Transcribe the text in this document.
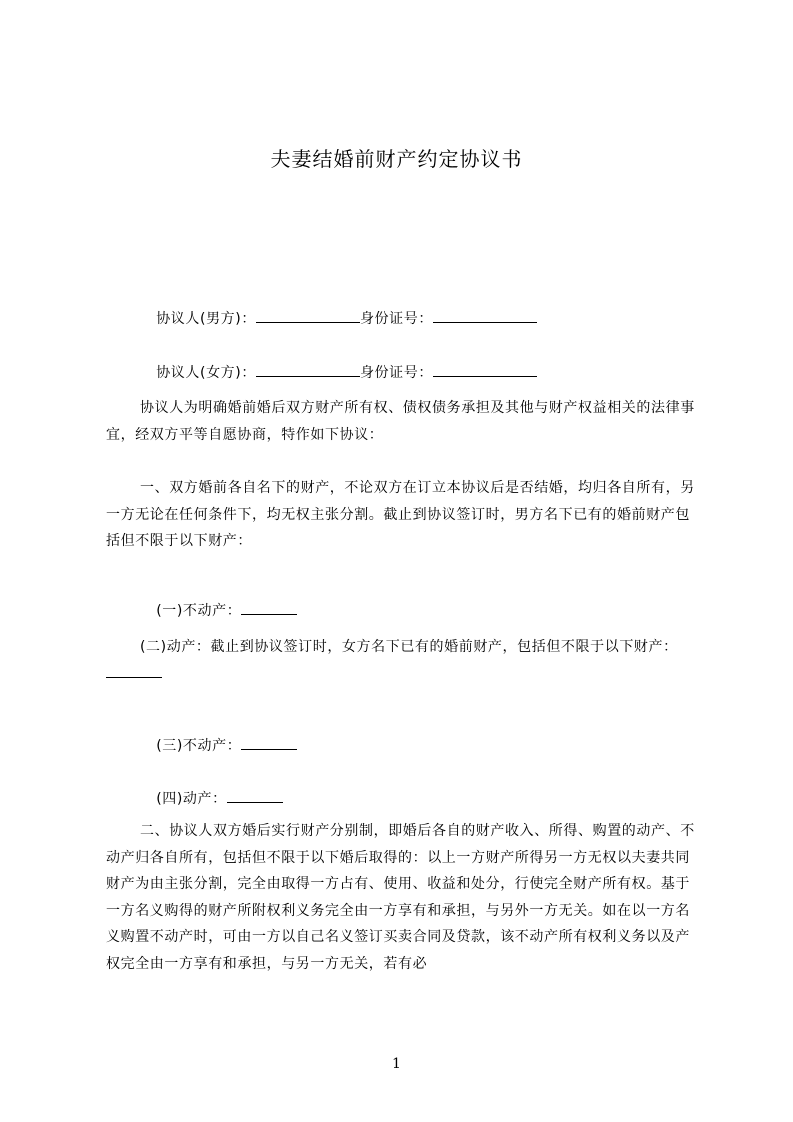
夫妻结婚前财产约定协议书

协议人(男方)：	身份证号：

协议人(女方)：	身份证号：

协议人为明确婚前婚后双方财产所有权、债权债务承担及其他与财产权益相关的法律事宜，经双方平等自愿协商，特作如下协议：

一、双方婚前各自名下的财产，不论双方在订立本协议后是否结婚，均归各自所有，另一方无论在任何条件下，均无权主张分割。截止到协议签订时，男方名下已有的婚前财产包括但不限于以下财产：

(一)不动产：

(二)动产：截止到协议签订时，女方名下已有的婚前财产，包括但不限于以下财产：

(三)不动产：

(四)动产：

二、协议人双方婚后实行财产分别制，即婚后各自的财产收入、所得、购置的动产、不动产归各自所有，包括但不限于以下婚后取得的：以上一方财产所得另一方无权以夫妻共同财产为由主张分割，完全由取得一方占有、使用、收益和处分，行使完全财产所有权。基于一方名义购得的财产所附权利义务完全由一方享有和承担，与另外一方无关。如在以一方名义购置不动产时，可由一方以自己名义签订买卖合同及贷款，该不动产所有权利义务以及产权完全由一方享有和承担，与另一方无关，若有必

1
